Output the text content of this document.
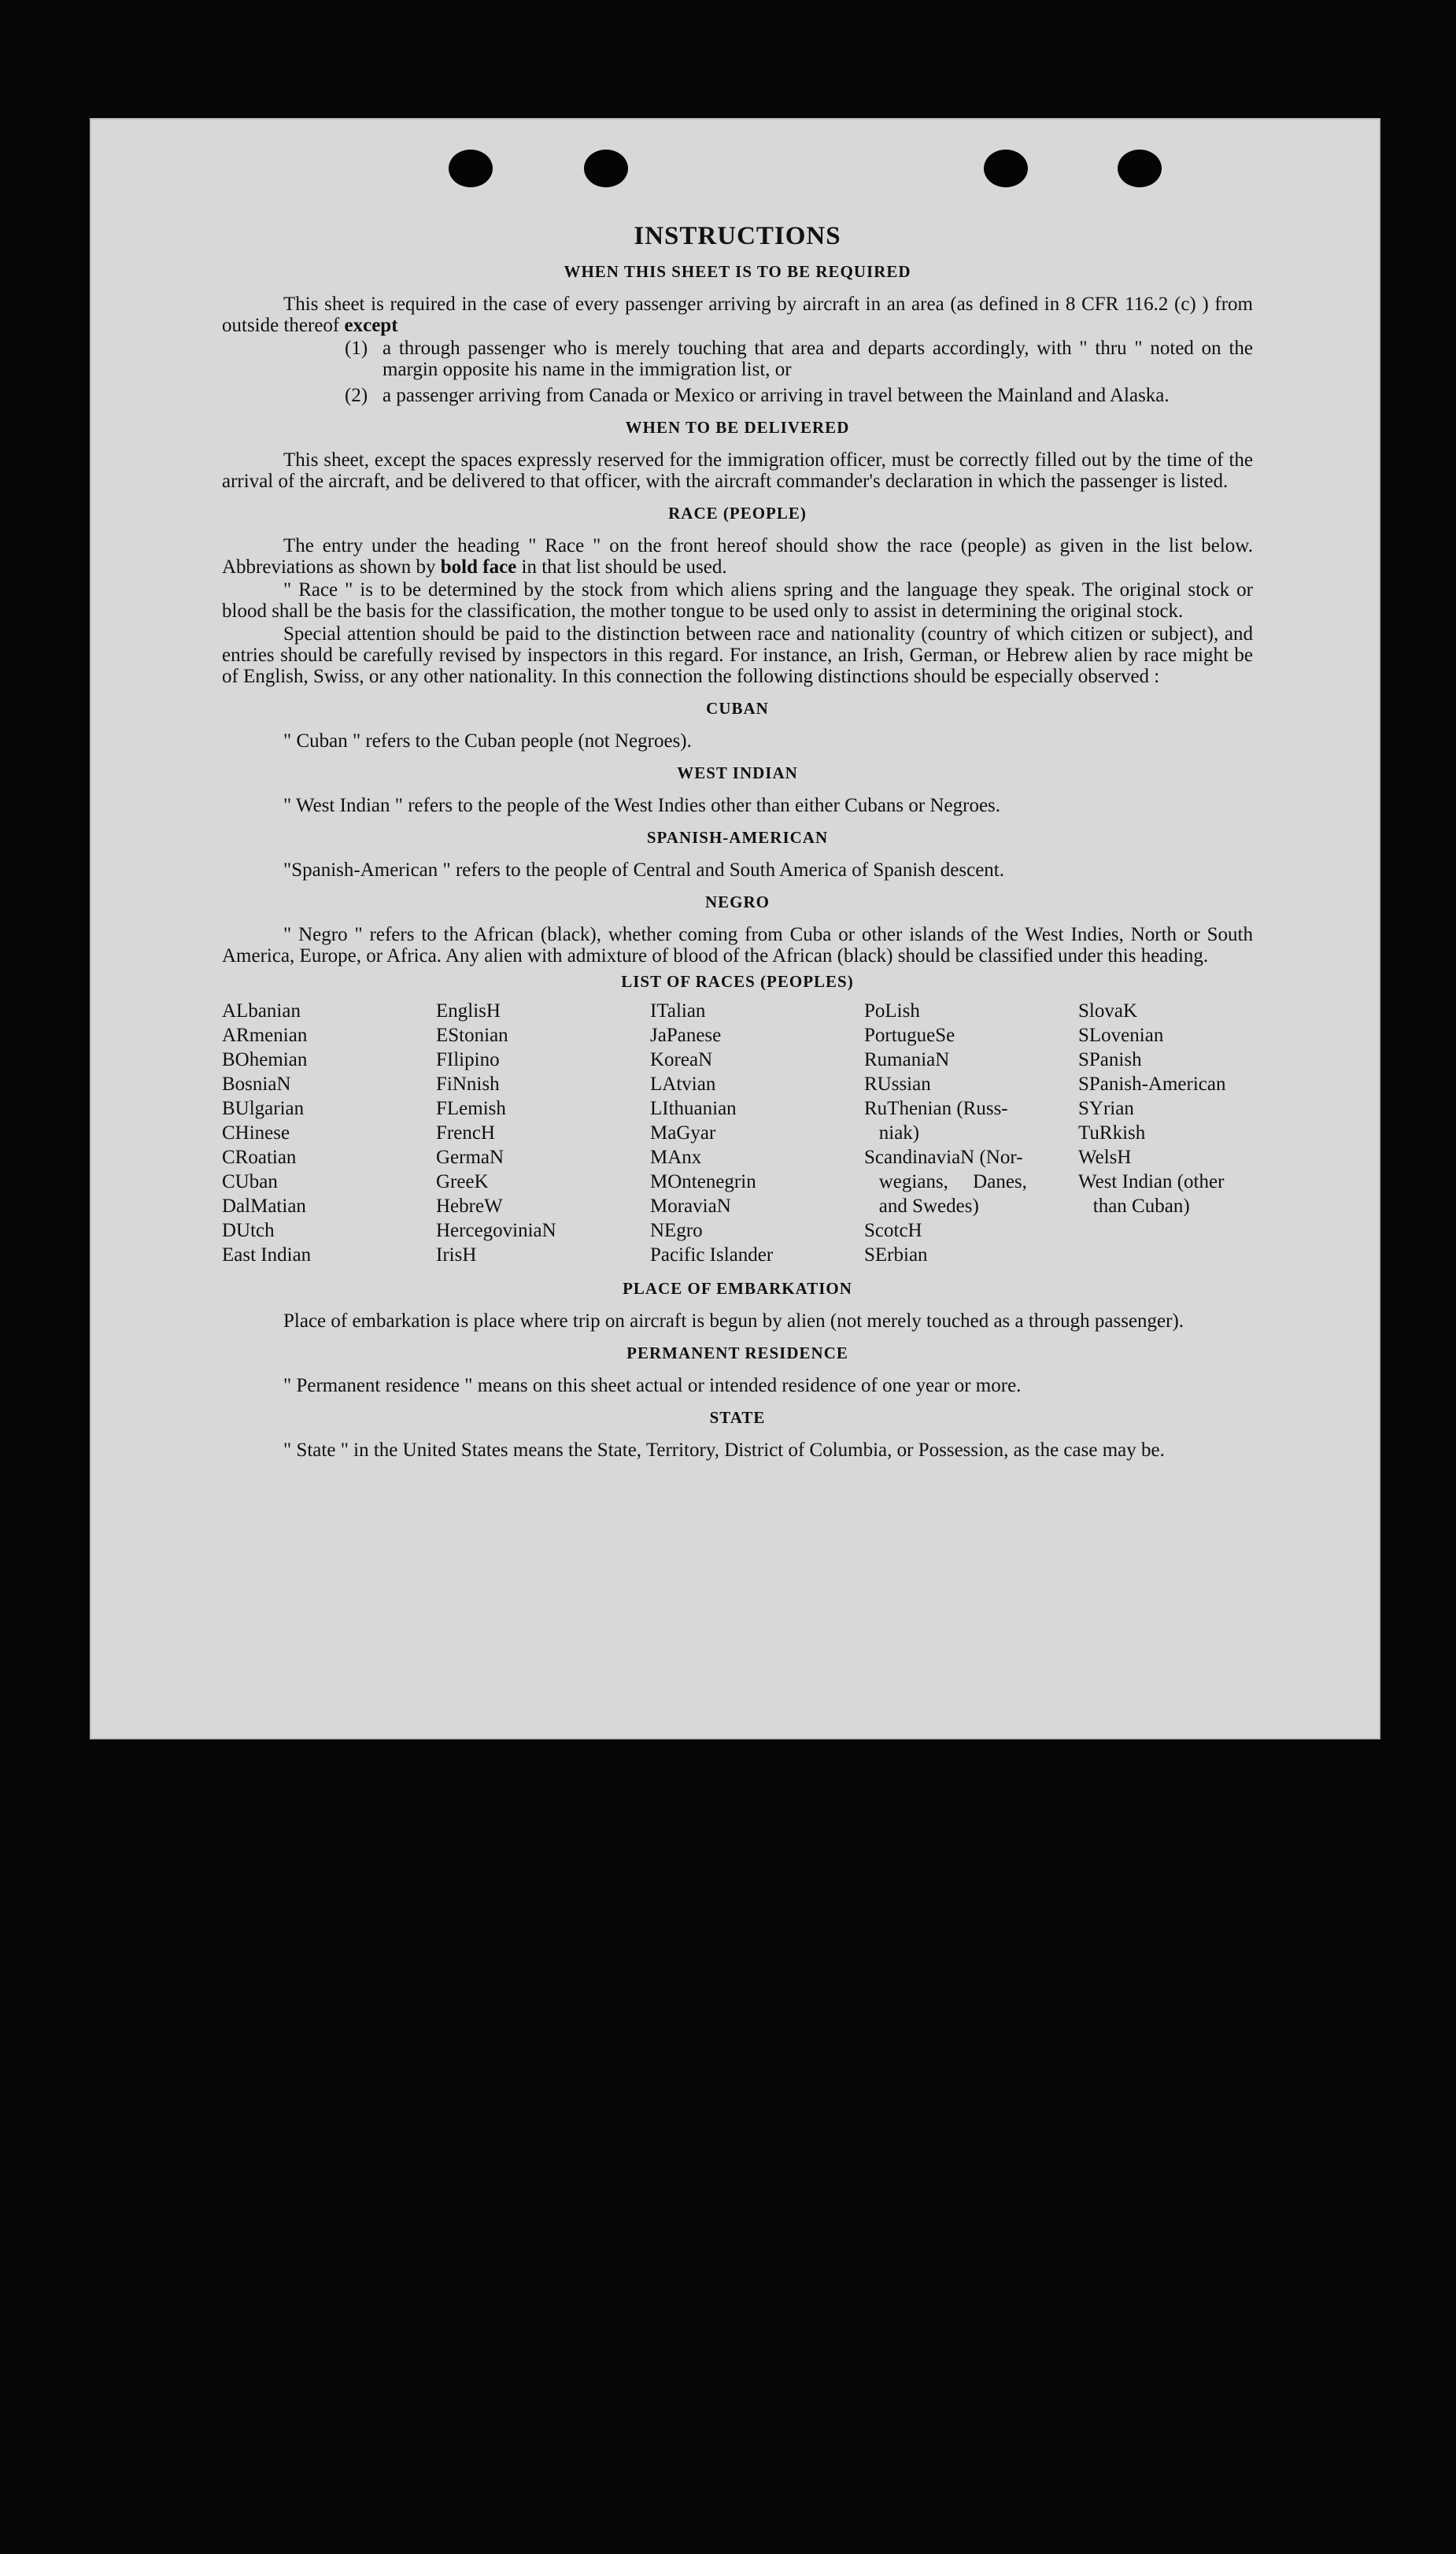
INSTRUCTIONS
WHEN THIS SHEET IS TO BE REQUIRED

This sheet is required in the case of every passenger arriving by aircraft in an area (as defined in 8 CFR 116.2 (c) ) from outside thereof except

(1) a through passenger who is merely touching that area and departs accordingly, with " thru " noted on the margin opposite his name in the immigration list, or
(2) a passenger arriving from Canada or Mexico or arriving in travel between the Mainland and Alaska.
WHEN TO BE DELIVERED

This sheet, except the spaces expressly reserved for the immigration officer, must be correctly filled out by the time of the arrival of the aircraft, and be delivered to that officer, with the aircraft commander's declaration in which the passenger is listed.

RACE (PEOPLE)

The entry under the heading " Race " on the front hereof should show the race (people) as given in the list below. Abbreviations as shown by bold face in that list should be used.

" Race " is to be determined by the stock from which aliens spring and the language they speak. The original stock or blood shall be the basis for the classification, the mother tongue to be used only to assist in determining the original stock.

Special attention should be paid to the distinction between race and nationality (country of which citizen or subject), and entries should be carefully revised by inspectors in this regard. For instance, an Irish, German, or Hebrew alien by race might be of English, Swiss, or any other nationality. In this connection the following distinctions should be especially observed :

CUBAN

" Cuban " refers to the Cuban people (not Negroes).

WEST INDIAN

" West Indian " refers to the people of the West Indies other than either Cubans or Negroes.

SPANISH-AMERICAN

"Spanish-American " refers to the people of Central and South America of Spanish descent.

NEGRO

" Negro " refers to the African (black), whether coming from Cuba or other islands of the West Indies, North or South America, Europe, or Africa. Any alien with admixture of blood of the African (black) should be classified under this heading.

LIST OF RACES (PEOPLES)
ALbanian
ARmenian
BOhemian
BosniaN
BUlgarian
CHinese
CRoatian
CUban
DalMatian
DUtch
East Indian
EnglisH
EStonian
FIlipino
FiNnish
FLemish
FrencH
GermaN
GreeK
HebreW
HercegoviniaN
IrisH
ITalian
JaPanese
KoreaN
LAtvian
LIthuanian
MaGyar
MAnx
MOntenegrin
MoraviaN
NEgro
Pacific Islander
PoLish
PortugueSe
RumaniaN
RUssian
RuThenian (Russ-
niak)
ScandinaviaN (Nor-
wegians,     Danes,
and Swedes)
ScotcH
SErbian
SlovaK
SLovenian
SPanish
SPanish-American
SYrian
TuRkish
WelsH
West Indian (other
than Cuban)
PLACE OF EMBARKATION

Place of embarkation is place where trip on aircraft is begun by alien (not merely touched as a through passenger).

PERMANENT RESIDENCE

" Permanent residence " means on this sheet actual or intended residence of one year or more.

STATE

" State " in the United States means the State, Territory, District of Columbia, or Possession, as the case may be.
